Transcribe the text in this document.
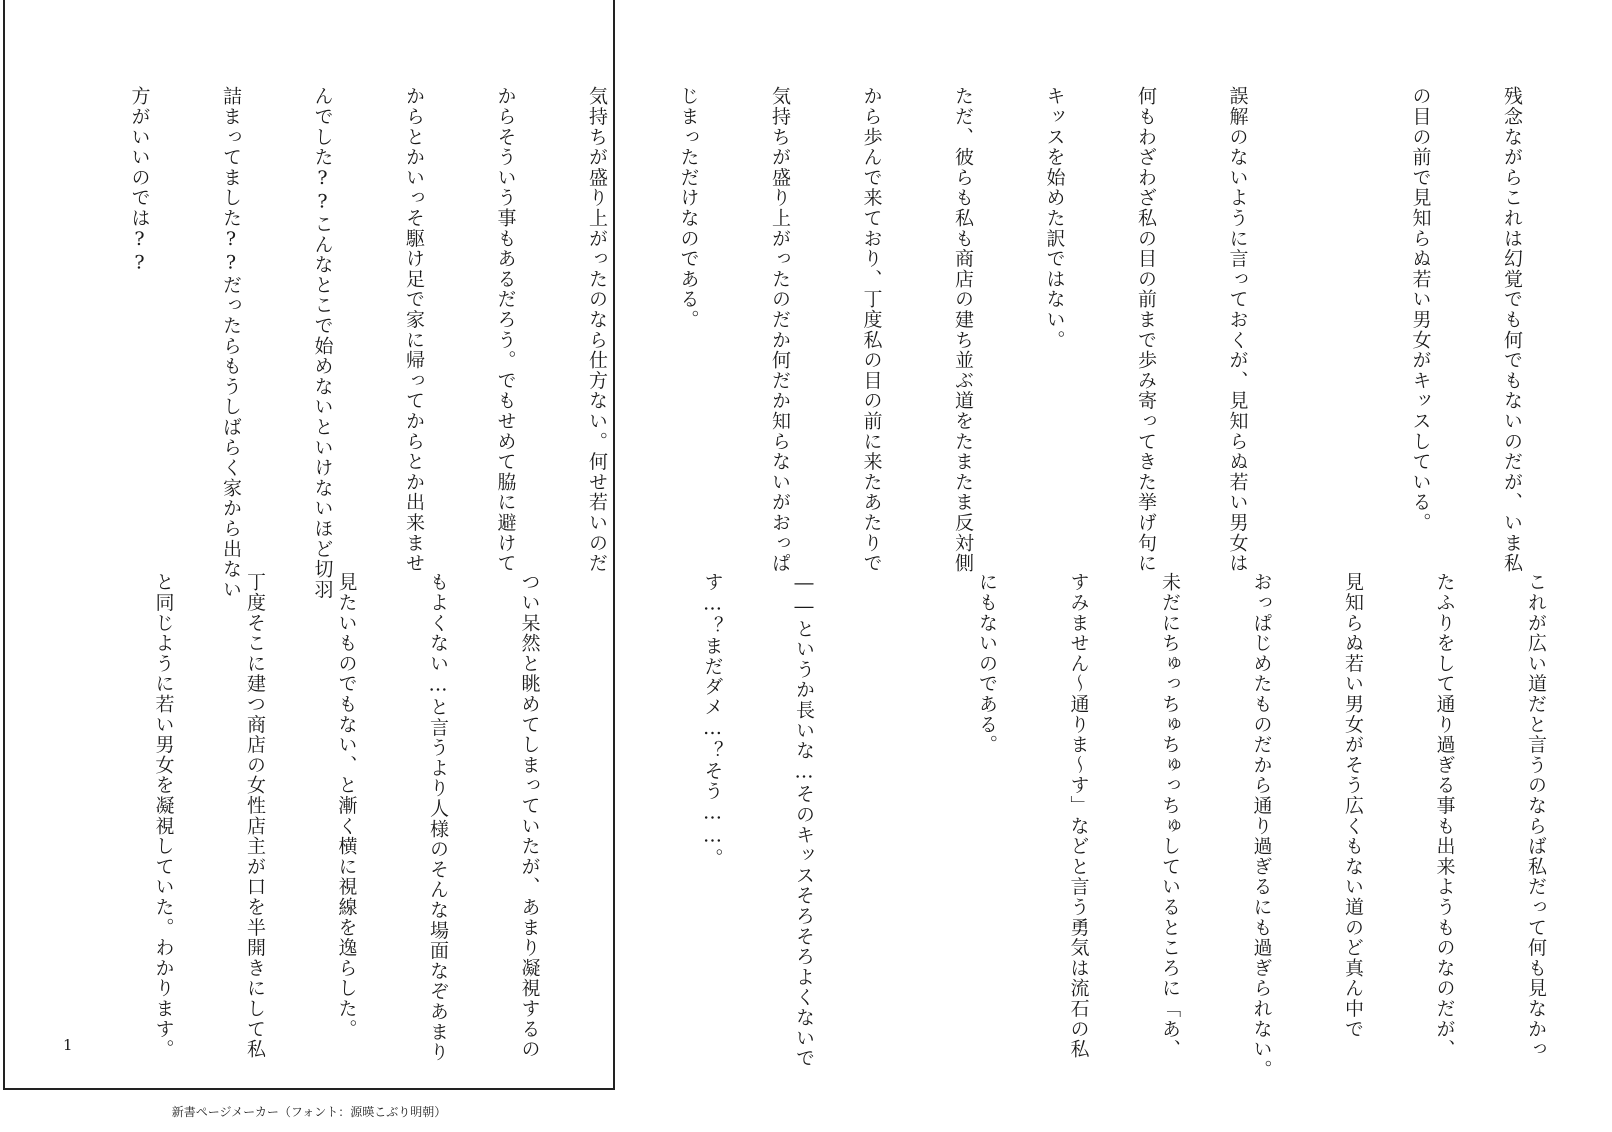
残念ながらこれは幻覚でも何でもないのだが、いま私

の目の前で見知らぬ若い男女がキッスしている。

誤解のないように言っておくが、見知らぬ若い男女は

何もわざわざ私の目の前まで歩み寄ってきた挙げ句に

キッスを始めた訳ではない。

ただ、彼らも私も商店の建ち並ぶ道をたまたま反対側

から歩んで来ており、丁度私の目の前に来たあたりで

気持ちが盛り上がったのだか何だか知らないがおっぱ

じまっただけなのである。

気持ちが盛り上がったのなら仕方ない。何せ若いのだ

からそういう事もあるだろう。でもせめて脇に避けて

からとかいっそ駆け足で家に帰ってからとか出来ませ

んでした??こんなとこで始めないといけないほど切羽

詰まってました??だったらもうしばらく家から出ない

方がいいのでは??

これが広い道だと言うのならば私だって何も見なかっ

たふりをして通り過ぎる事も出来ようものなのだが、

見知らぬ若い男女がそう広くもない道のど真ん中で

おっぱじめたものだから通り過ぎるにも過ぎられない。

未だにちゅっちゅちゅっちゅしているところに「あ、

すみません～通りま～す」などと言う勇気は流石の私

にもないのである。

――というか長いな…そのキッスそろそろよくないで

す…？まだダメ…？そう……。

つい呆然と眺めてしまっていたが、あまり凝視するの

もよくない…と言うより人様のそんな場面なぞあまり

見たいものでもない、と漸く横に視線を逸らした。

丁度そこに建つ商店の女性店主が口を半開きにして私

と同じように若い男女を凝視していた。わかります。

1
新書ページメーカー（フォント：源暎こぶり明朝）
